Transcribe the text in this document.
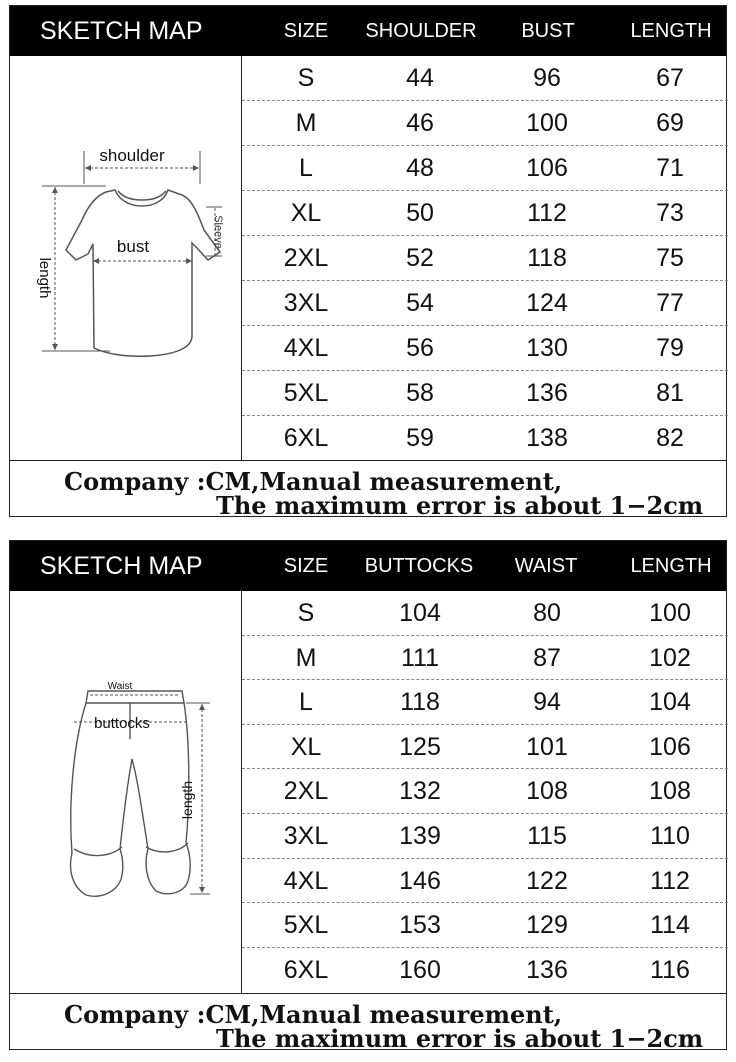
SKETCH MAP	SIZE SHOULDER BUST	LENGTH
shoulder
bust	Sleeve
length
S	44	96	67
M	46	100	69
L	48	106	71
XL	50	112	73
2XL	52	118	75
3XL	54	124	77
4XL	56	130	79
5XL	58	136	81
6XL	59	138	82
Company :CM,Manual measurement,
The maximum error is about 1−2cm
SKETCH MAP	SIZE BUTTOCKS WAIST	LENGTH
Waist
buttocks
length
S	104	80	100
M	111	87	102
L	118	94	104
XL	125	101	106
2XL	132	108	108
3XL	139	115	110
4XL	146	122	112
5XL	153	129	114
6XL	160	136	116
Company :CM,Manual measurement,
The maximum error is about 1−2cm
